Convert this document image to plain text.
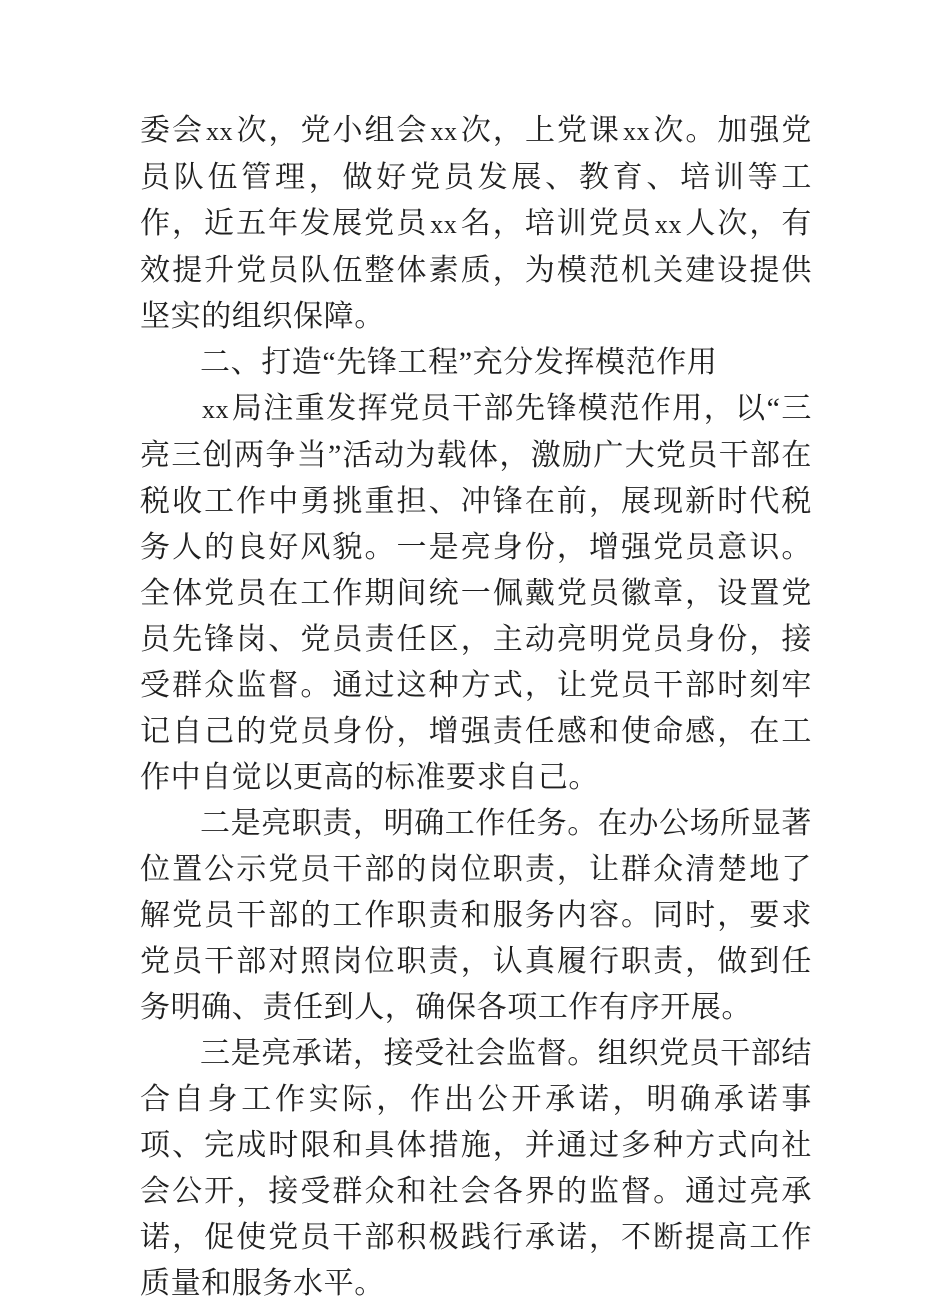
委会xx次，党小组会xx次，上党课xx次。加强党员队伍管理，做好党员发展、教育、培训等工作，近五年发展党员xx名，培训党员xx人次，有效提升党员队伍整体素质，为模范机关建设提供坚实的组织保障。

二、打造“先锋工程”充分发挥模范作用

xx局注重发挥党员干部先锋模范作用，以“三亮三创两争当”活动为载体，激励广大党员干部在税收工作中勇挑重担、冲锋在前，展现新时代税务人的良好风貌。一是亮身份，增强党员意识。全体党员在工作期间统一佩戴党员徽章，设置党员先锋岗、党员责任区，主动亮明党员身份，接受群众监督。通过这种方式，让党员干部时刻牢记自己的党员身份，增强责任感和使命感，在工作中自觉以更高的标准要求自己。

二是亮职责，明确工作任务。在办公场所显著位置公示党员干部的岗位职责，让群众清楚地了解党员干部的工作职责和服务内容。同时，要求党员干部对照岗位职责，认真履行职责，做到任务明确、责任到人，确保各项工作有序开展。

三是亮承诺，接受社会监督。组织党员干部结合自身工作实际，作出公开承诺，明确承诺事项、完成时限和具体措施，并通过多种方式向社会公开，接受群众和社会各界的监督。通过亮承诺，促使党员干部积极践行承诺，不断提高工作质量和服务水平。
